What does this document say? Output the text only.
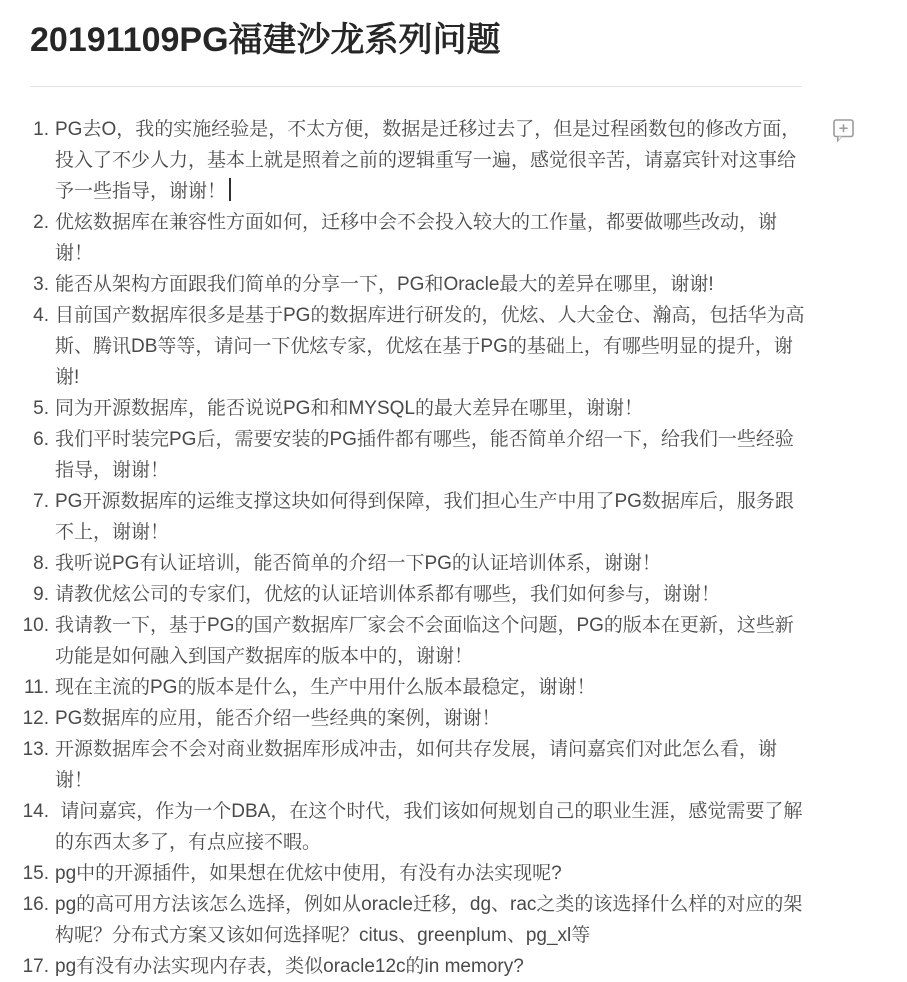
20191109PG福建沙龙系列问题
1. PG去O，我的实施经验是，不太方便，数据是迁移过去了，但是过程函数包的修改方面，投入了不少人力，基本上就是照着之前的逻辑重写一遍，感觉很辛苦，请嘉宾针对这事给予一些指导，谢谢！
2. 优炫数据库在兼容性方面如何，迁移中会不会投入较大的工作量，都要做哪些改动，谢谢！
3. 能否从架构方面跟我们简单的分享一下，PG和Oracle最大的差异在哪里，谢谢!
4. 目前国产数据库很多是基于PG的数据库进行研发的，优炫、人大金仓、瀚高，包括华为高斯、腾讯DB等等，请问一下优炫专家，优炫在基于PG的基础上，有哪些明显的提升，谢谢!
5. 同为开源数据库，能否说说PG和和MYSQL的最大差异在哪里，谢谢！
6. 我们平时装完PG后，需要安装的PG插件都有哪些，能否简单介绍一下，给我们一些经验指导，谢谢！
7. PG开源数据库的运维支撑这块如何得到保障，我们担心生产中用了PG数据库后，服务跟不上，谢谢！
8. 我听说PG有认证培训，能否简单的介绍一下PG的认证培训体系，谢谢！
9. 请教优炫公司的专家们，优炫的认证培训体系都有哪些，我们如何参与，谢谢！
10. 我请教一下，基于PG的国产数据库厂家会不会面临这个问题，PG的版本在更新，这些新功能是如何融入到国产数据库的版本中的，谢谢！
11. 现在主流的PG的版本是什么，生产中用什么版本最稳定，谢谢！
12. PG数据库的应用，能否介绍一些经典的案例，谢谢！
13. 开源数据库会不会对商业数据库形成冲击，如何共存发展，请问嘉宾们对此怎么看，谢谢！
14. 请问嘉宾，作为一个DBA，在这个时代，我们该如何规划自己的职业生涯，感觉需要了解的东西太多了，有点应接不暇。
15. pg中的开源插件，如果想在优炫中使用，有没有办法实现呢?
16. pg的高可用方法该怎么选择，例如从oracle迁移，dg、rac之类的该选择什么样的对应的架构呢？分布式方案又该如何选择呢？citus、greenplum、pg_xl等
17. pg有没有办法实现内存表，类似oracle12c的in memory?
